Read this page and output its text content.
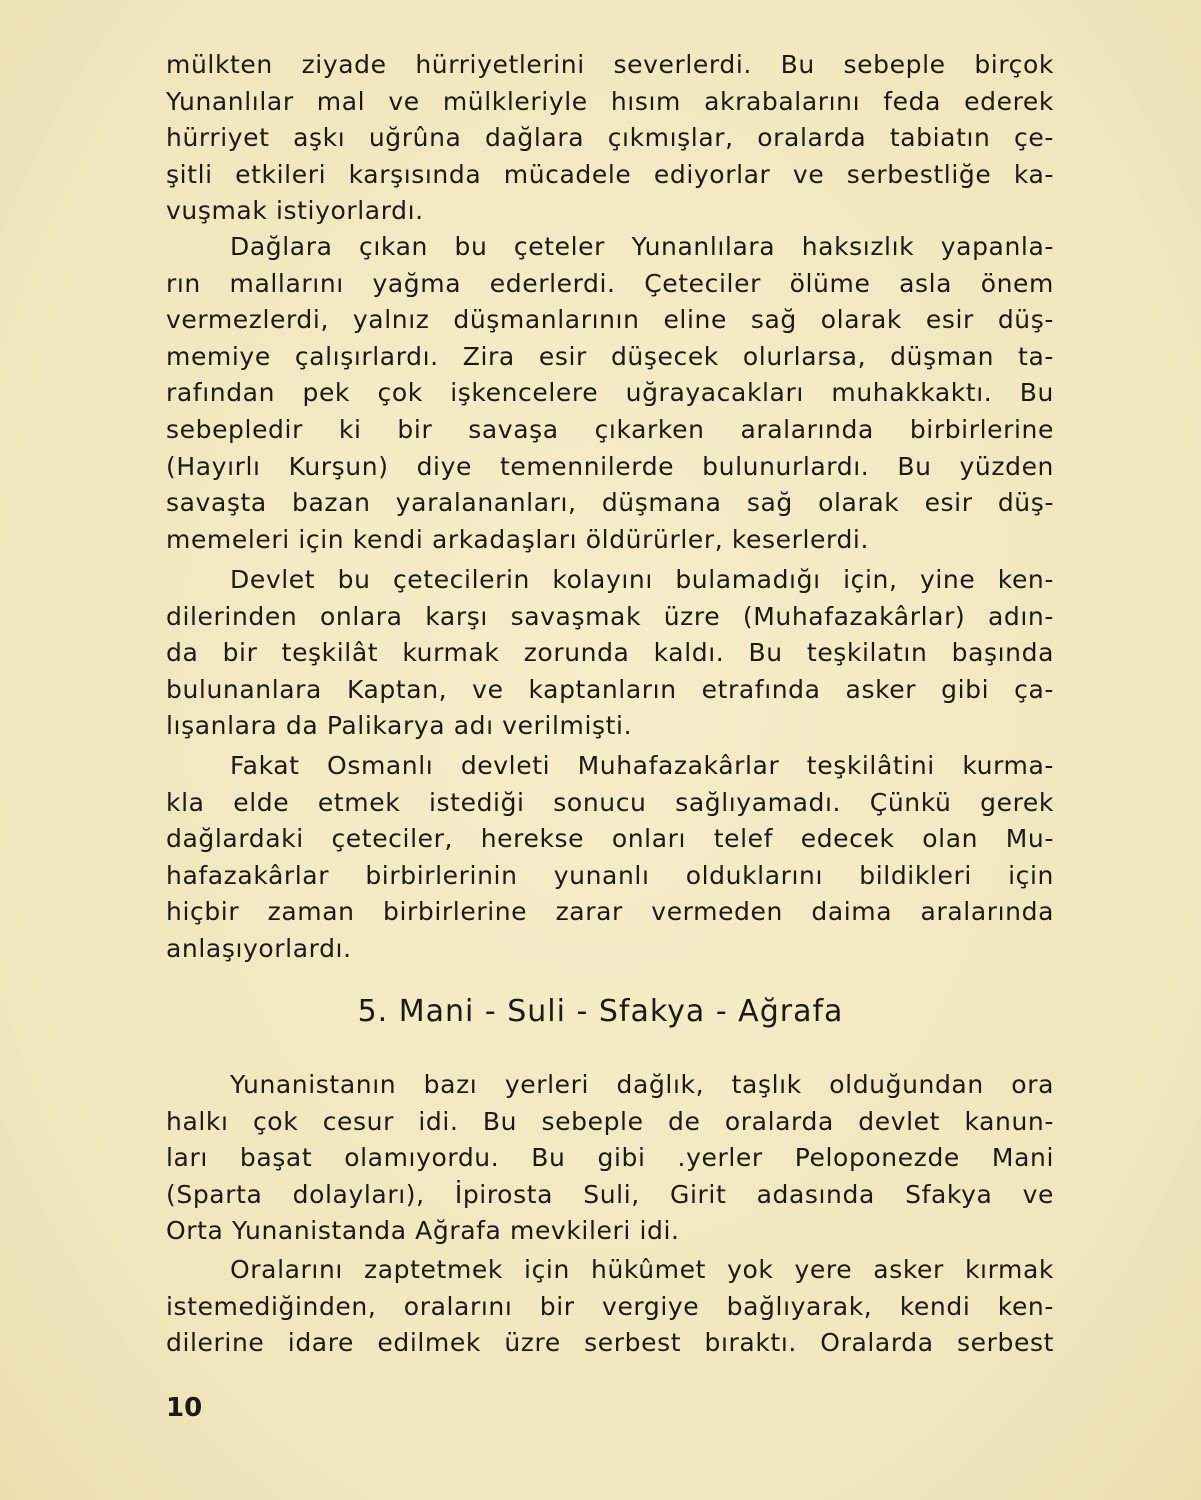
mülkten ziyade hürriyetlerini severlerdi. Bu sebeple birçok
Yunanlılar mal ve mülkleriyle hısım akrabalarını feda ederek
hürriyet aşkı uğrûna dağlara çıkmışlar, oralarda tabiatın çe-
şitli etkileri karşısında mücadele ediyorlar ve serbestliğe ka-
vuşmak istiyorlardı.
Dağlara çıkan bu çeteler Yunanlılara haksızlık yapanla-
rın mallarını yağma ederlerdi. Çeteciler ölüme asla önem
vermezlerdi, yalnız düşmanlarının eline sağ olarak esir düş-
memiye çalışırlardı. Zira esir düşecek olurlarsa, düşman ta-
rafından pek çok işkencelere uğrayacakları muhakkaktı. Bu
sebepledir ki bir savaşa çıkarken aralarında birbirlerine
(Hayırlı Kurşun) diye temennilerde bulunurlardı. Bu yüzden
savaşta bazan yaralananları, düşmana sağ olarak esir düş-
memeleri için kendi arkadaşları öldürürler, keserlerdi.
Devlet bu çetecilerin kolayını bulamadığı için, yine ken-
dilerinden onlara karşı savaşmak üzre (Muhafazakârlar) adın-
da bir teşkilât kurmak zorunda kaldı. Bu teşkilatın başında
bulunanlara Kaptan, ve kaptanların etrafında asker gibi ça-
lışanlara da Palikarya adı verilmişti.
Fakat Osmanlı devleti Muhafazakârlar teşkilâtini kurma-
kla elde etmek istediği sonucu sağlıyamadı. Çünkü gerek
dağlardaki çeteciler, herekse onları telef edecek olan Mu-
hafazakârlar birbirlerinin yunanlı olduklarını bildikleri için
hiçbir zaman birbirlerine zarar vermeden daima aralarında
anlaşıyorlardı.
5. Mani - Suli - Sfakya - Ağrafa
Yunanistanın bazı yerleri dağlık, taşlık olduğundan ora
halkı çok cesur idi. Bu sebeple de oralarda devlet kanun-
ları başat olamıyordu. Bu gibi .yerler Peloponezde Mani
(Sparta dolayları), İpirosta Suli, Girit adasında Sfakya ve
Orta Yunanistanda Ağrafa mevkileri idi.
Oralarını zaptetmek için hükûmet yok yere asker kırmak
istemediğinden, oralarını bir vergiye bağlıyarak, kendi ken-
dilerine idare edilmek üzre serbest bıraktı. Oralarda serbest
10
